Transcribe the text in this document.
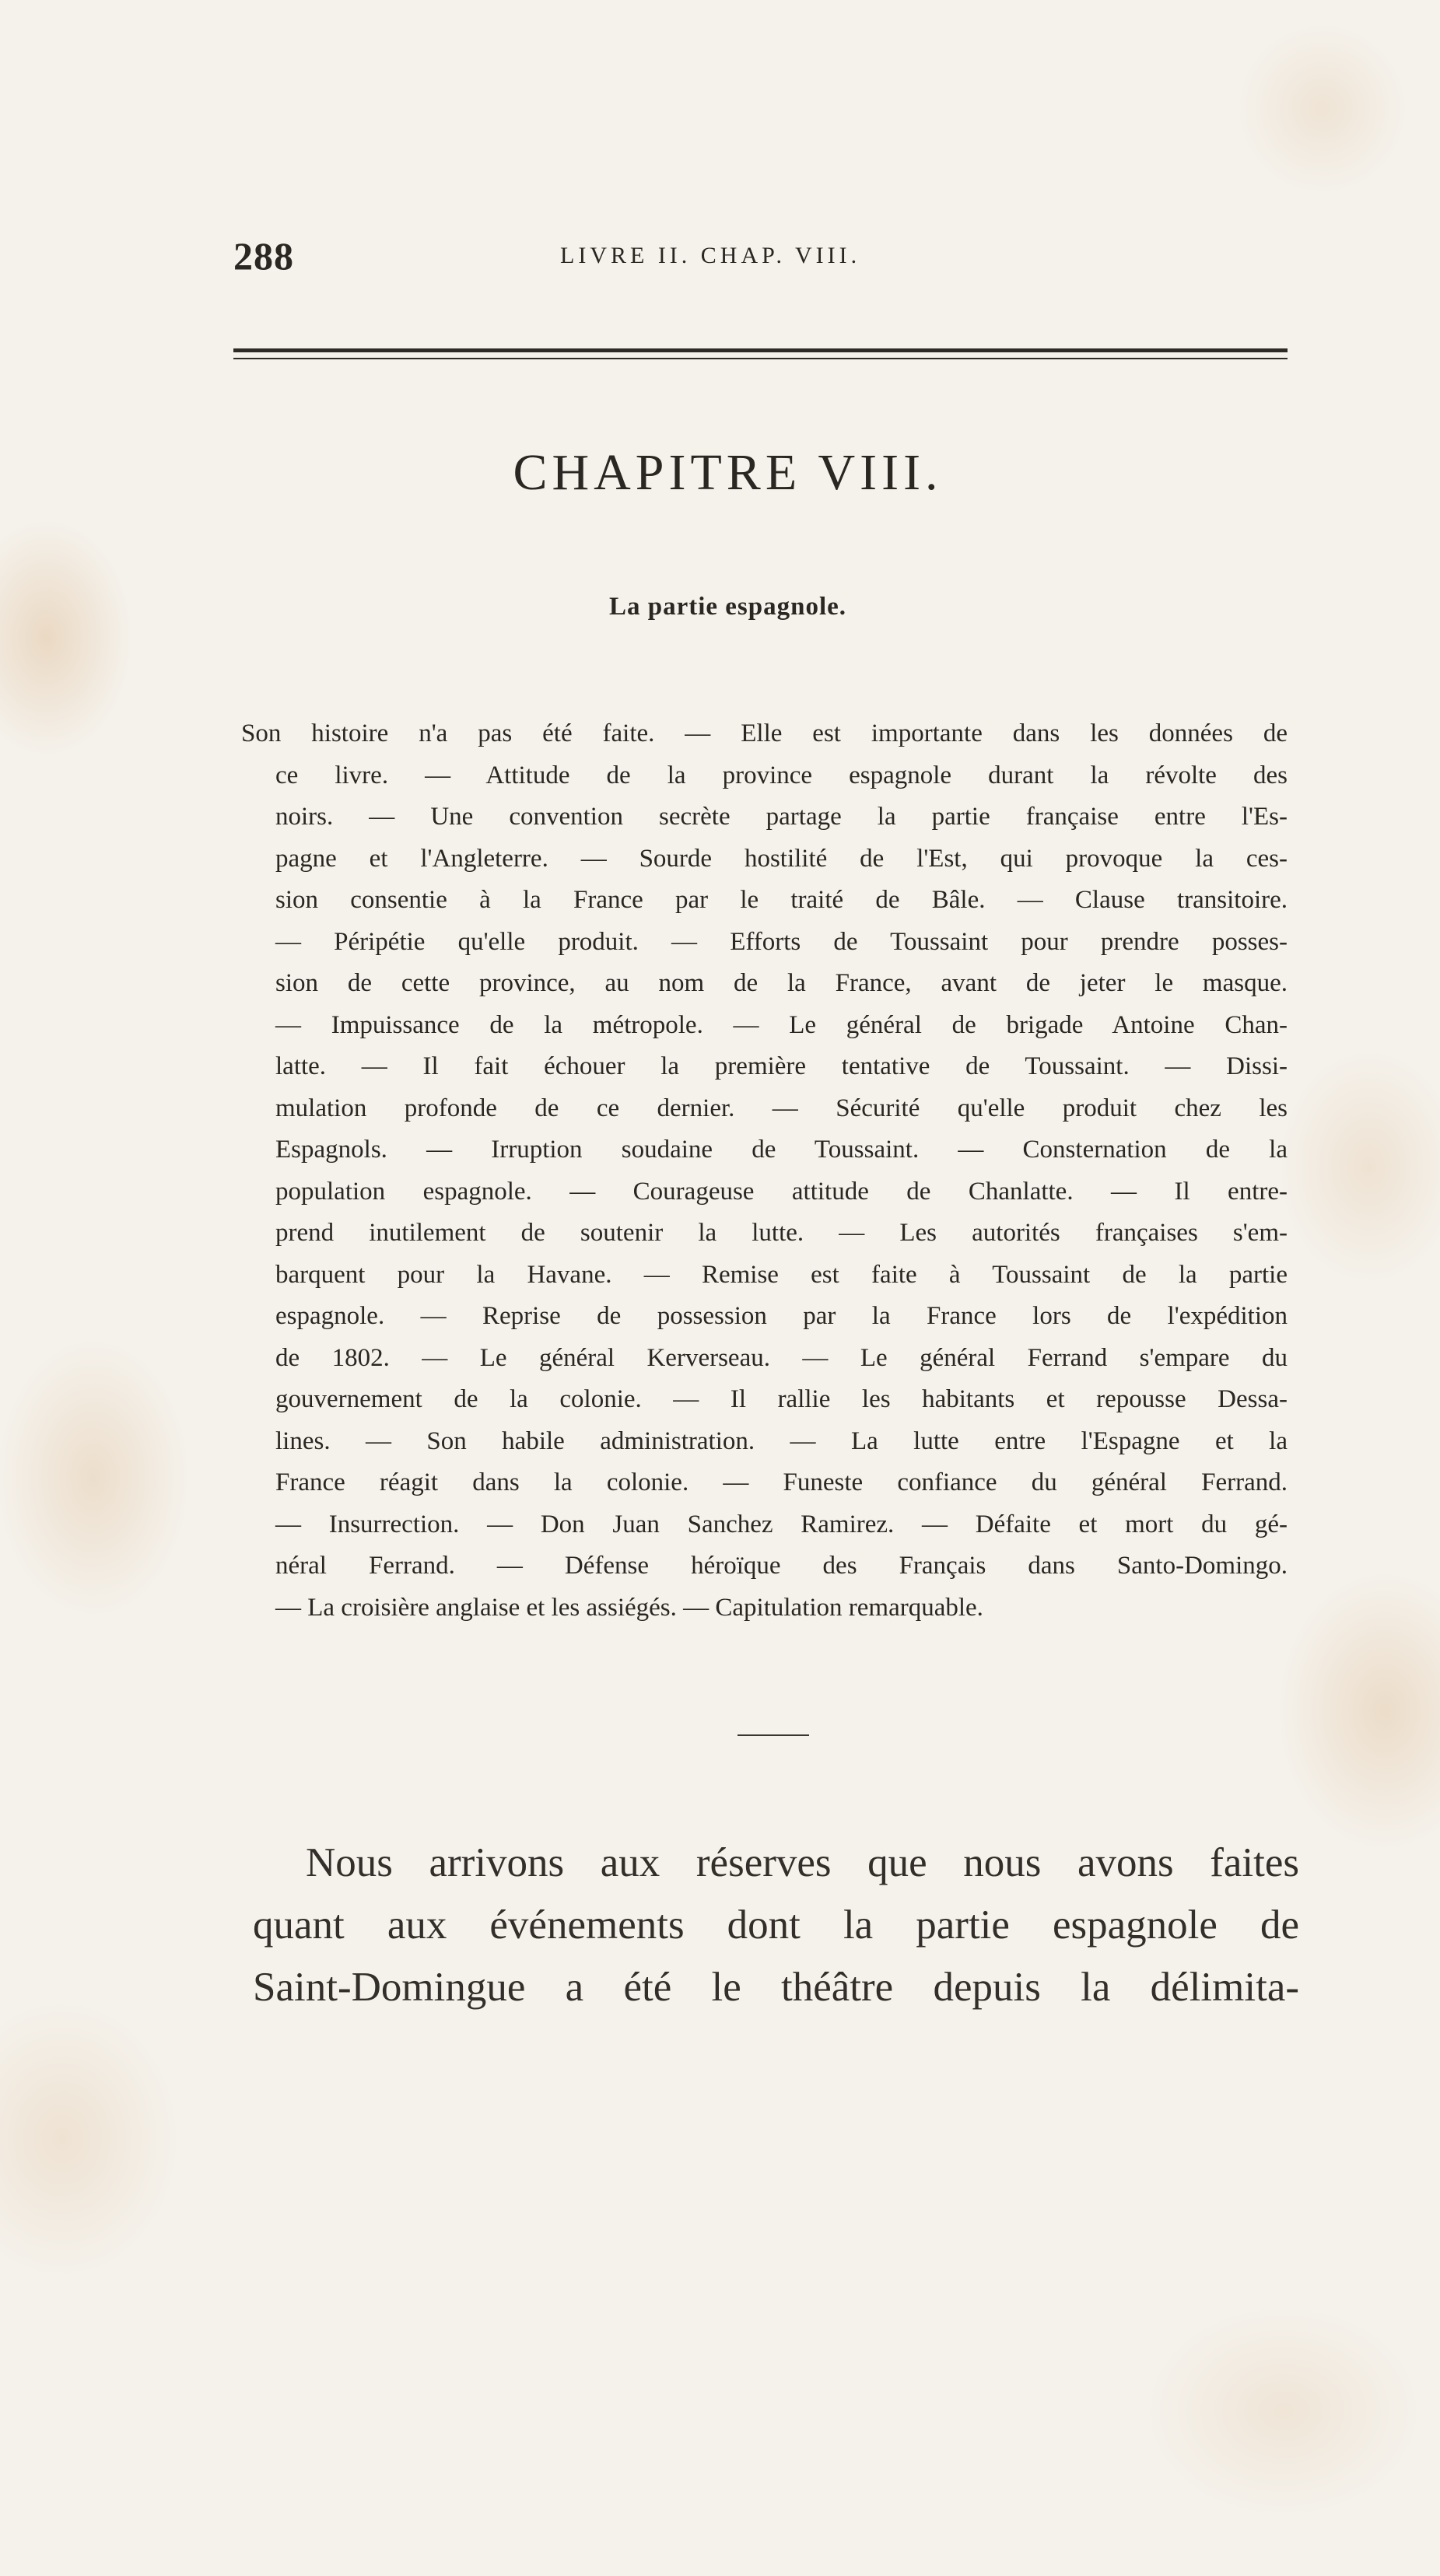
288	LIVRE II. CHAP. VIII.
CHAPITRE VIII.
La partie espagnole.
Son histoire n'a pas été faite. — Elle est importante dans les données de
ce livre. — Attitude de la province espagnole durant la révolte des
noirs. — Une convention secrète partage la partie française entre l'Es-
pagne et l'Angleterre. — Sourde hostilité de l'Est, qui provoque la ces-
sion consentie à la France par le traité de Bâle. — Clause transitoire.
— Péripétie qu'elle produit. — Efforts de Toussaint pour prendre posses-
sion de cette province, au nom de la France, avant de jeter le masque.
— Impuissance de la métropole. — Le général de brigade Antoine Chan-
latte. — Il fait échouer la première tentative de Toussaint. — Dissi-
mulation profonde de ce dernier. — Sécurité qu'elle produit chez les
Espagnols. — Irruption soudaine de Toussaint. — Consternation de la
population espagnole. — Courageuse attitude de Chanlatte. — Il entre-
prend inutilement de soutenir la lutte. — Les autorités françaises s'em-
barquent pour la Havane. — Remise est faite à Toussaint de la partie
espagnole. — Reprise de possession par la France lors de l'expédition
de 1802. — Le général Kerverseau. — Le général Ferrand s'empare du
gouvernement de la colonie. — Il rallie les habitants et repousse Dessa-
lines. — Son habile administration. — La lutte entre l'Espagne et la
France réagit dans la colonie. — Funeste confiance du général Ferrand.
— Insurrection. — Don Juan Sanchez Ramirez. — Défaite et mort du gé-
néral Ferrand. — Défense héroïque des Français dans Santo-Domingo.
— La croisière anglaise et les assiégés. — Capitulation remarquable.
Nous arrivons aux réserves que nous avons faites
quant aux événements dont la partie espagnole de
Saint-Domingue a été le théâtre depuis la délimita-
